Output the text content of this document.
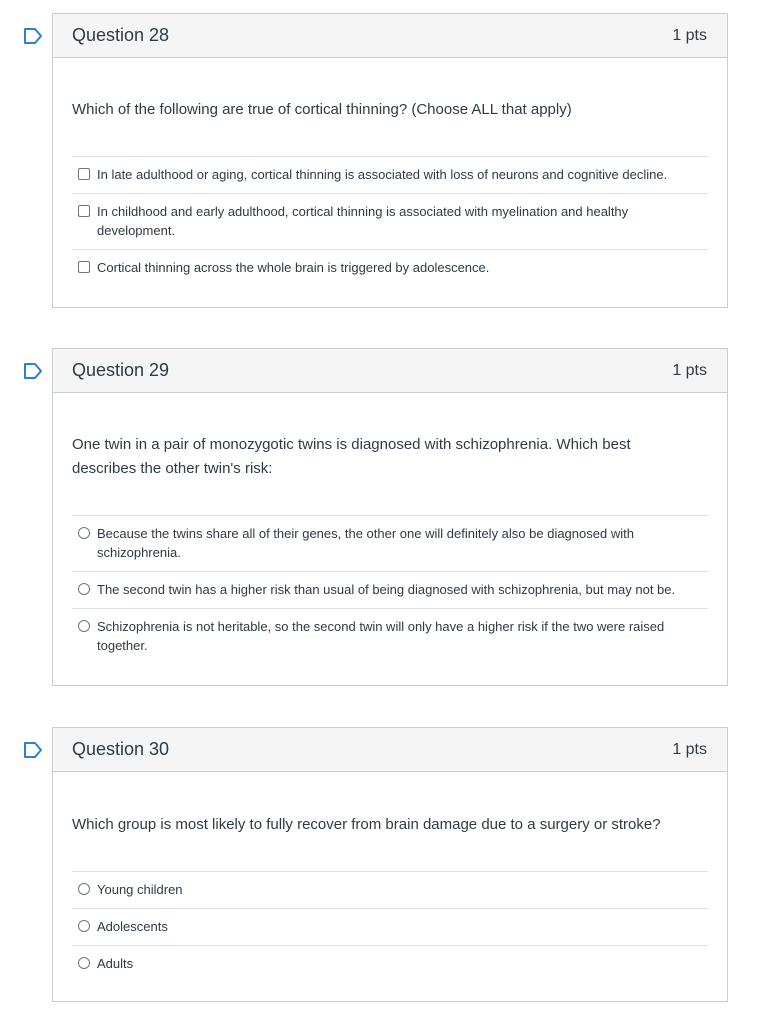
Question 28	1 pts

Which of the following are true of cortical thinning? (Choose ALL that apply)

In late adulthood or aging, cortical thinning is associated with loss of neurons and cognitive decline.
In childhood and early adulthood, cortical thinning is associated with myelination and healthy development.
Cortical thinning across the whole brain is triggered by adolescence.
Question 29	1 pts

One twin in a pair of monozygotic twins is diagnosed with schizophrenia. Which best describes the other twin's risk:

Because the twins share all of their genes, the other one will definitely also be diagnosed with schizophrenia.
The second twin has a higher risk than usual of being diagnosed with schizophrenia, but may not be.
Schizophrenia is not heritable, so the second twin will only have a higher risk if the two were raised together.
Question 30	1 pts

Which group is most likely to fully recover from brain damage due to a surgery or stroke?

Young children
Adolescents
Adults
